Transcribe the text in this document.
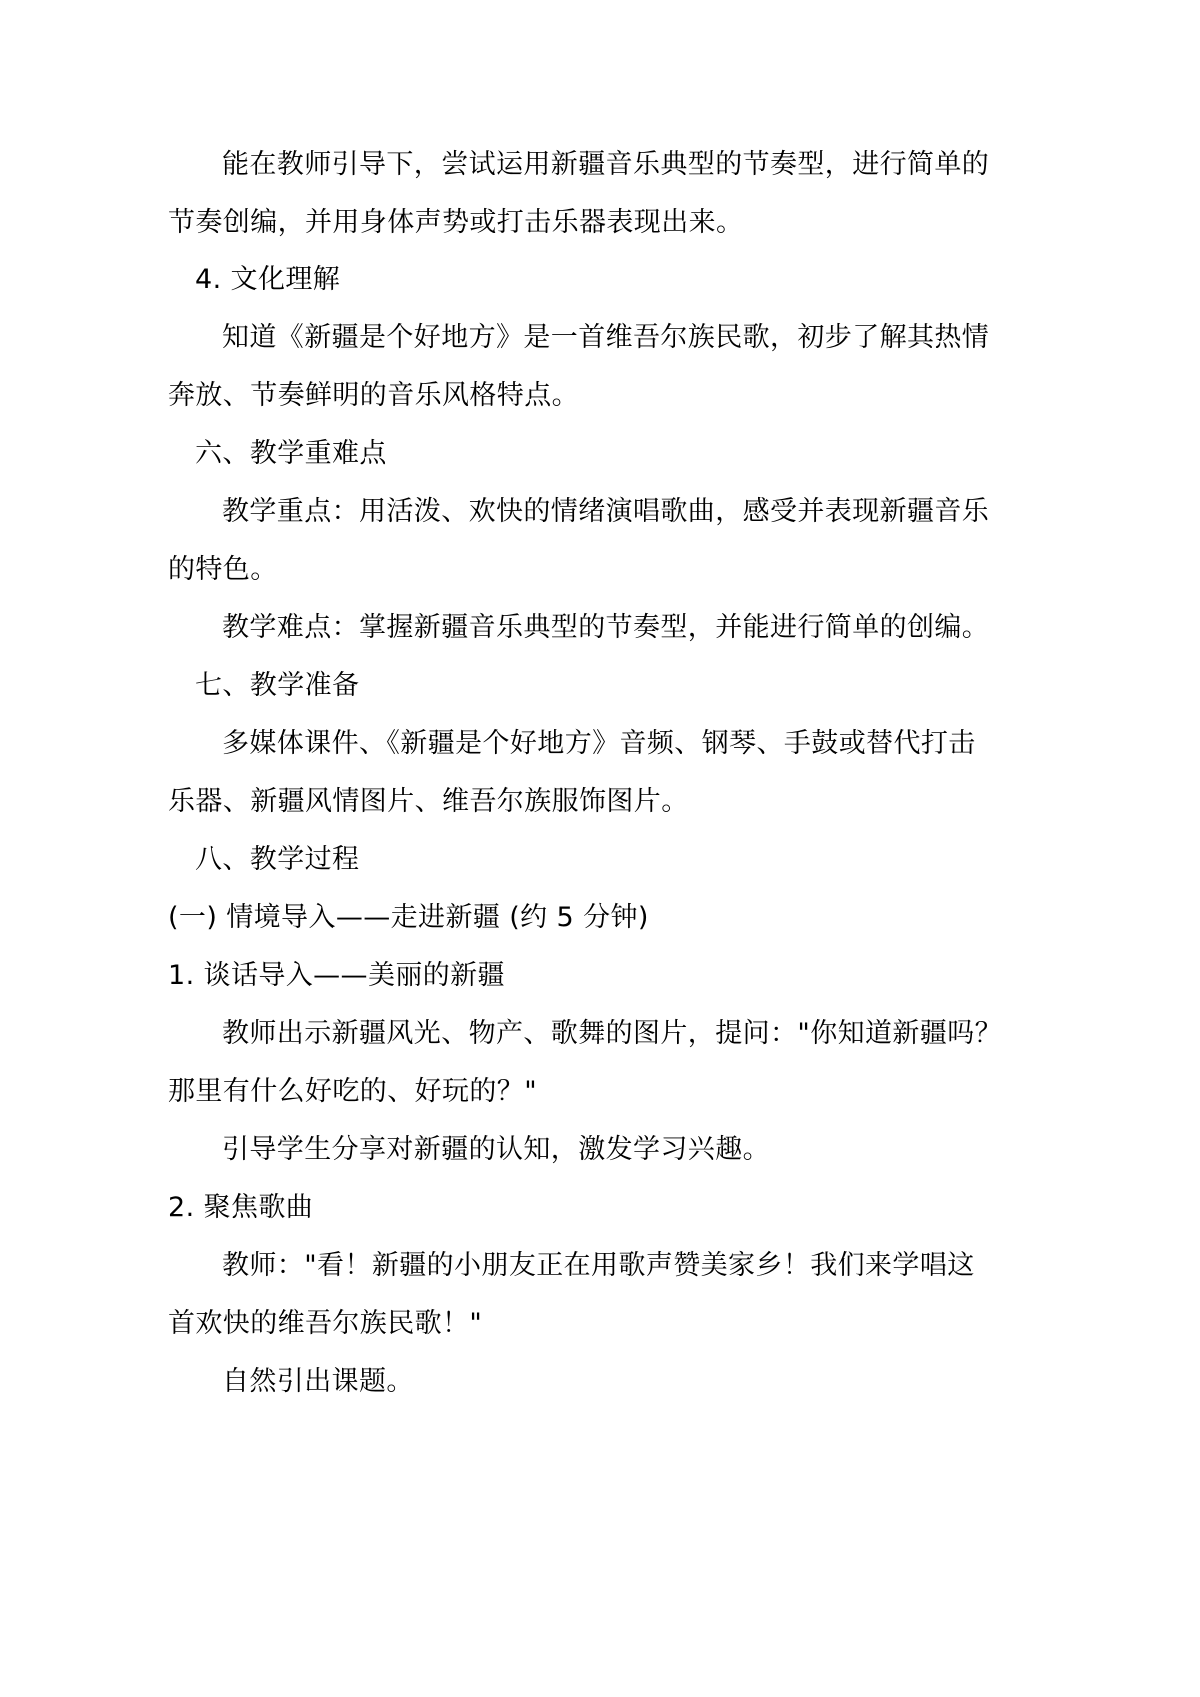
能在教师引导下，尝试运用新疆音乐典型的节奏型，进行简单的
节奏创编，并用身体声势或打击乐器表现出来。
4. 文化理解
知道《新疆是个好地方》是一首维吾尔族民歌，初步了解其热情
奔放、节奏鲜明的音乐风格特点。
六、教学重难点
教学重点：用活泼、欢快的情绪演唱歌曲，感受并表现新疆音乐
的特色。
教学难点：掌握新疆音乐典型的节奏型，并能进行简单的创编。
七、教学准备
多媒体课件、《新疆是个好地方》音频、钢琴、手鼓或替代打击
乐器、新疆风情图片、维吾尔族服饰图片。
八、教学过程
(一) 情境导入——走进新疆 (约 5 分钟)
1. 谈话导入——美丽的新疆
教师出示新疆风光、物产、歌舞的图片，提问："你知道新疆吗？
那里有什么好吃的、好玩的？"
引导学生分享对新疆的认知，激发学习兴趣。
2. 聚焦歌曲
教师："看！新疆的小朋友正在用歌声赞美家乡！我们来学唱这
首欢快的维吾尔族民歌！"
自然引出课题。
